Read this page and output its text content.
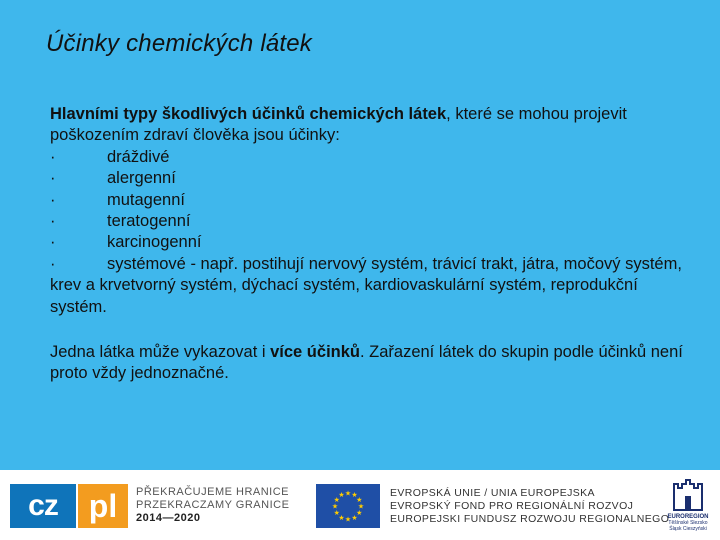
Účinky chemických látek
Hlavními typy škodlivých účinků chemických látek, které se mohou projevit poškozením zdraví člověka jsou účinky:
·	dráždivé
·	alergenní
·	mutagenní
·	teratogenní
·	karcinogenní
·	systémové - např. postihují nervový systém, trávicí trakt, játra, močový systém, krev a krvetvorný systém, dýchací systém, kardiovaskulární systém, reprodukční systém.
Jedna látka může vykazovat i více účinků. Zařazení látek do skupin podle účinků není proto vždy jednoznačné.
cz pl	PŘEKRAČUJEME HRANICE
PRZEKRACZAMY GRANICE
2014—2020
★
★
★
★
★
★
★
★
★ ★ ★
★
EVROPSKÁ UNIE / UNIA EUROPEJSKA
EVROPSKÝ FOND PRO REGIONÁLNÍ ROZVOJ
EUROPEJSKI FUNDUSZ ROZWOJU REGIONALNEGO
EUROREGION
Těšínské Slezsko
Śląsk Cieszyński
